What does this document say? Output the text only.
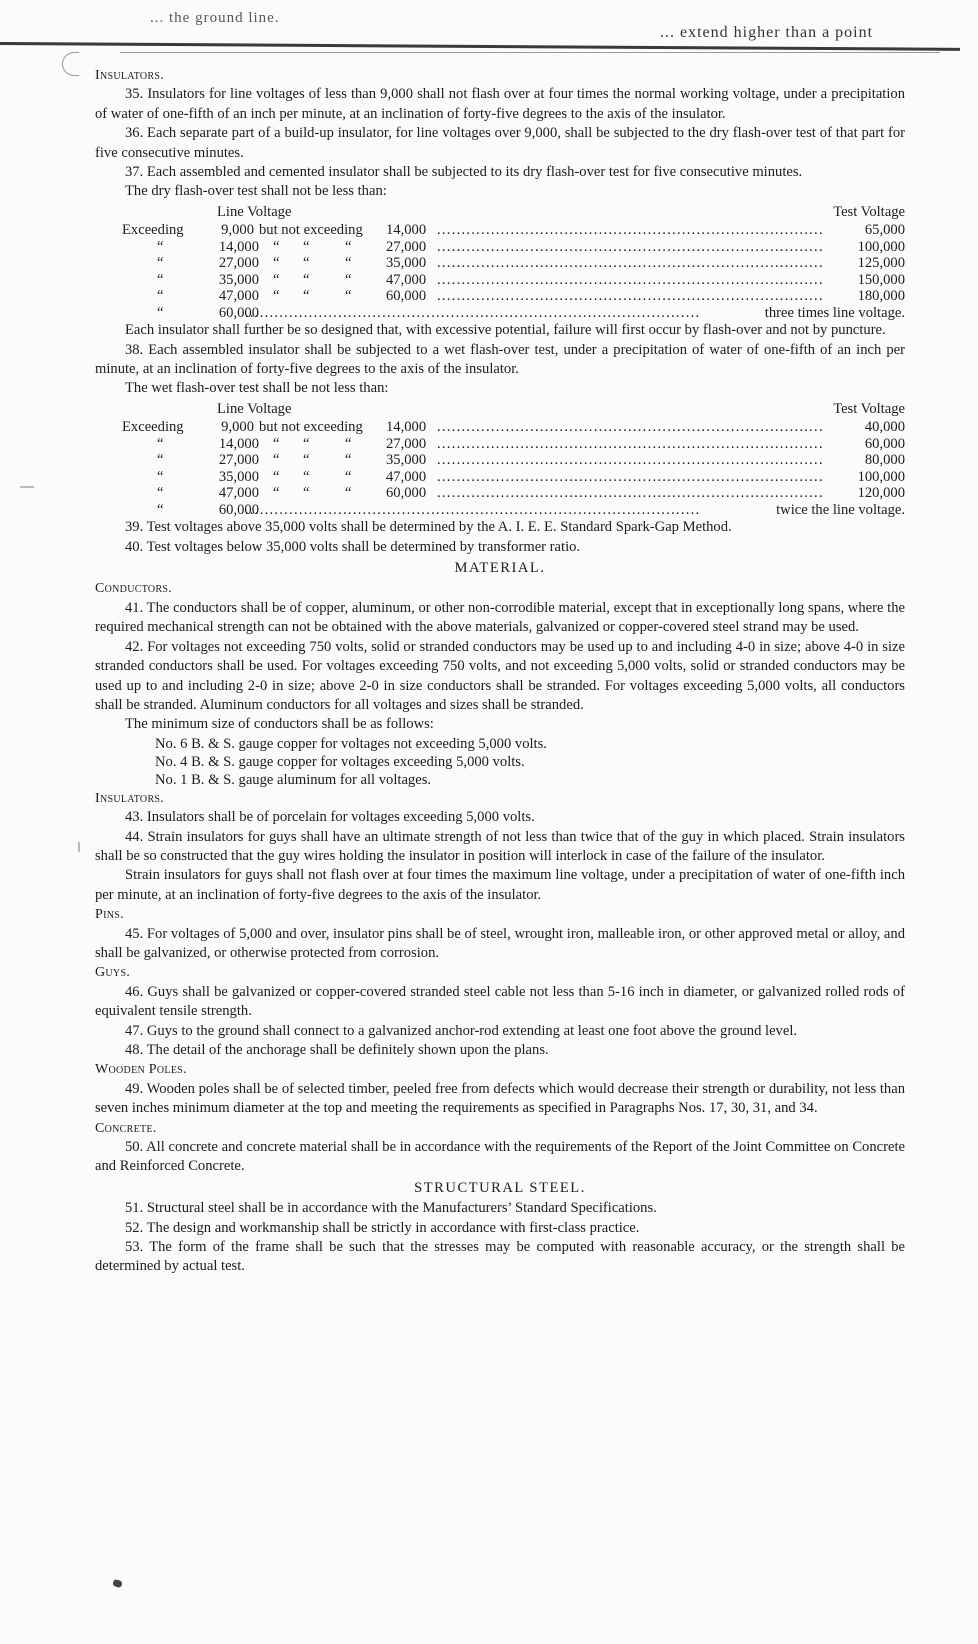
... the ground line.
... extend higher than a point

Insulators.

35. Insulators for line voltages of less than 9,000 shall not flash over at four times the normal working voltage, under a precipitation of water of one-fifth of an inch per minute, at an inclination of forty-five degrees to the axis of the insulator.

36. Each separate part of a build-up insulator, for line voltages over 9,000, shall be subjected to the dry flash-over test of that part for five consecutive minutes.

37. Each assembled and cemented insulator shall be subjected to its dry flash-over test for five consecutive minutes.

The dry flash-over test shall not be less than:

Line Voltage	Test Voltage
Exceeding	9,000 but not exceeding 14,000 . . .	65,000
“	14,000 “ “ “ 27,000 . . .	100,000
“	27,000 “ “ “ 35,000 . . .	125,000
“	35,000 “ “ “ 47,000 . . .	150,000
“	47,000 “ “ “ 60,000 . . .	180,000
“	60,000 . . .	three times line voltage.

Each insulator shall further be so designed that, with excessive potential, failure will first occur by flash-over and not by puncture.

38. Each assembled insulator shall be subjected to a wet flash-over test, under a precipitation of water of one-fifth of an inch per minute, at an inclination of forty-five degrees to the axis of the insulator.

The wet flash-over test shall be not less than:

Line Voltage	Test Voltage
Exceeding	9,000 but not exceeding 14,000 . . .	40,000
“	14,000 “ “ “ 27,000 . . .	60,000
“	27,000 “ “ “ 35,000 . . .	80,000
“	35,000 “ “ “ 47,000 . . .	100,000
“	47,000 “ “ “ 60,000 . . .	120,000
“	60,000 . . .	twice the line voltage.

39. Test voltages above 35,000 volts shall be determined by the A. I. E. E. Standard Spark-Gap Method.

40. Test voltages below 35,000 volts shall be determined by transformer ratio.

MATERIAL.

Conductors.

41. The conductors shall be of copper, aluminum, or other non-corrodible material, except that in exceptionally long spans, where the required mechanical strength can not be obtained with the above materials, galvanized or copper-covered steel strand may be used.

42. For voltages not exceeding 750 volts, solid or stranded conductors may be used up to and including 4-0 in size; above 4-0 in size stranded conductors shall be used. For voltages exceeding 750 volts, and not exceeding 5,000 volts, solid or stranded conductors may be used up to and including 2-0 in size; above 2-0 in size conductors shall be stranded. For voltages exceeding 5,000 volts, all conductors shall be stranded. Aluminum conductors for all voltages and sizes shall be stranded.

The minimum size of conductors shall be as follows:

No. 6 B. & S. gauge copper for voltages not exceeding 5,000 volts.
No. 4 B. & S. gauge copper for voltages exceeding 5,000 volts.
No. 1 B. & S. gauge aluminum for all voltages.

Insulators.

43. Insulators shall be of porcelain for voltages exceeding 5,000 volts.

44. Strain insulators for guys shall have an ultimate strength of not less than twice that of the guy in which placed. Strain insulators shall be so constructed that the guy wires holding the insulator in position will interlock in case of the failure of the insulator.

Strain insulators for guys shall not flash over at four times the maximum line voltage, under a precipitation of water of one-fifth inch per minute, at an inclination of forty-five degrees to the axis of the insulator.

Pins.

45. For voltages of 5,000 and over, insulator pins shall be of steel, wrought iron, malleable iron, or other approved metal or alloy, and shall be galvanized, or otherwise protected from corrosion.

Guys.

46. Guys shall be galvanized or copper-covered stranded steel cable not less than 5-16 inch in diameter, or galvanized rolled rods of equivalent tensile strength.

47. Guys to the ground shall connect to a galvanized anchor-rod extending at least one foot above the ground level.

48. The detail of the anchorage shall be definitely shown upon the plans.

Wooden Poles.

49. Wooden poles shall be of selected timber, peeled free from defects which would decrease their strength or durability, not less than seven inches minimum diameter at the top and meeting the requirements as specified in Paragraphs Nos. 17, 30, 31, and 34.

Concrete.

50. All concrete and concrete material shall be in accordance with the requirements of the Report of the Joint Committee on Concrete and Reinforced Concrete.

STRUCTURAL STEEL.

51. Structural steel shall be in accordance with the Manufacturers’ Standard Specifications.

52. The design and workmanship shall be strictly in accordance with first-class practice.

53. The form of the frame shall be such that the stresses may be computed with reasonable accuracy, or the strength shall be determined by actual test.
